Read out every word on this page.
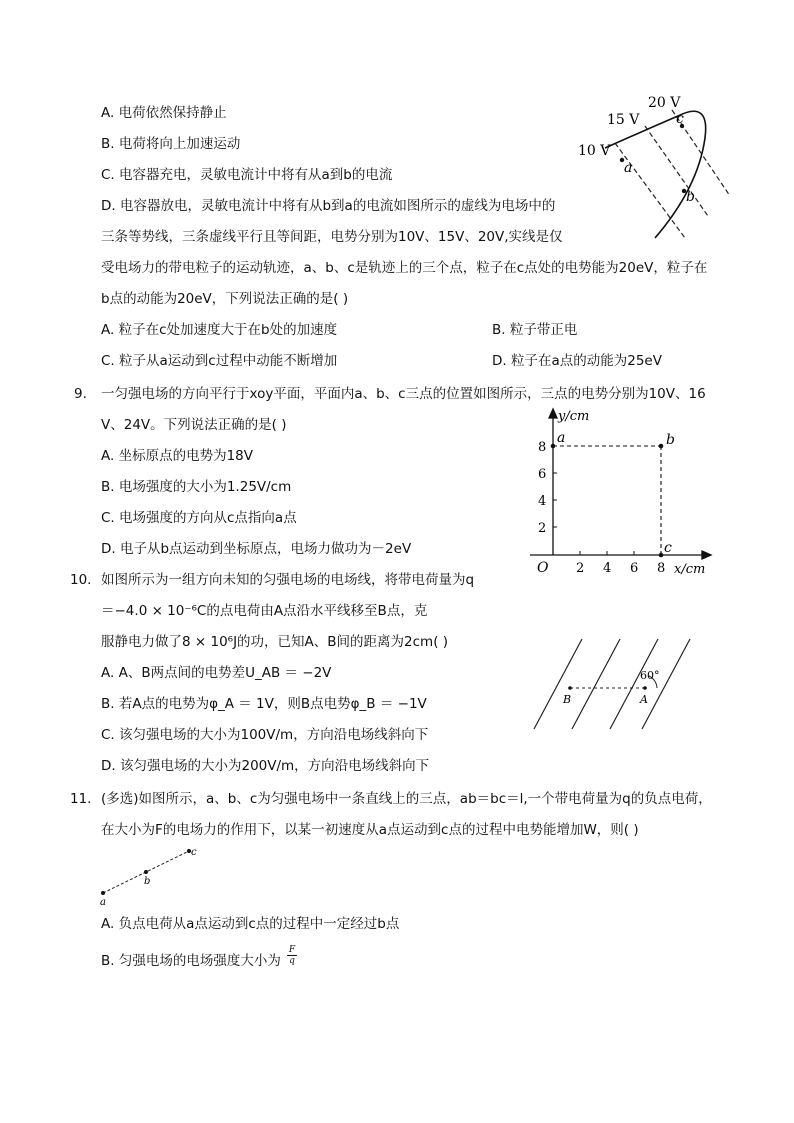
A. 电荷依然保持静止
B. 电荷将向上加速运动
C. 电容器充电，灵敏电流计中将有从a到b的电流
D. 电容器放电，灵敏电流计中将有从b到a的电流如图所示的虚线为电场中的
三条等势线，三条虚线平行且等间距，电势分别为10V、15V、20V,实线是仅
受电场力的带电粒子的运动轨迹，a、b、c是轨迹上的三个点，粒子在c点处的电势能为20eV，粒子在
b点的动能为20eV，下列说法正确的是( )
A. 粒子在c处加速度大于在b处的加速度	B. 粒子带正电
C. 粒子从a运动到c过程中动能不断增加	D. 粒子在a点的动能为25eV
20 V
15 V
10 V
a
b
c
9. 一匀强电场的方向平行于xoy平面，平面内a、b、c三点的位置如图所示，三点的电势分别为10V、16
V、24V。下列说法正确的是( )
A. 坐标原点的电势为18V
B. 电场强度的大小为1.25V/cm
C. 电场强度的方向从c点指向a点
D. 电子从b点运动到坐标原点，电场力做功为－2eV
y/cm
x/cm
O
8
6
4
2
2 4 6 8
a	b
c
10. 如图所示为一组方向未知的匀强电场的电场线，将带电荷量为q
＝−4.0 × 10⁻⁶C的点电荷由A点沿水平线移至B点，克
服静电力做了8 × 10⁶J的功，已知A、B间的距离为2cm( )
A. A、B两点间的电势差U_AB ＝ −2V
B. 若A点的电势为φ_A ＝ 1V，则B点电势φ_B ＝ −1V
C. 该匀强电场的大小为100V/m，方向沿电场线斜向下
D. 该匀强电场的大小为200V/m，方向沿电场线斜向下
60°
B	A
11. (多选)如图所示，a、b、c为匀强电场中一条直线上的三点，ab＝bc＝l,一个带电荷量为q的负点电荷，
在大小为F的电场力的作用下，以某一初速度从a点运动到c点的过程中电势能增加W，则( )
a
b
c
A. 负点电荷从a点运动到c点的过程中一定经过b点
B. 匀强电场的电场强度大小为 $\frac{F}{q}$
